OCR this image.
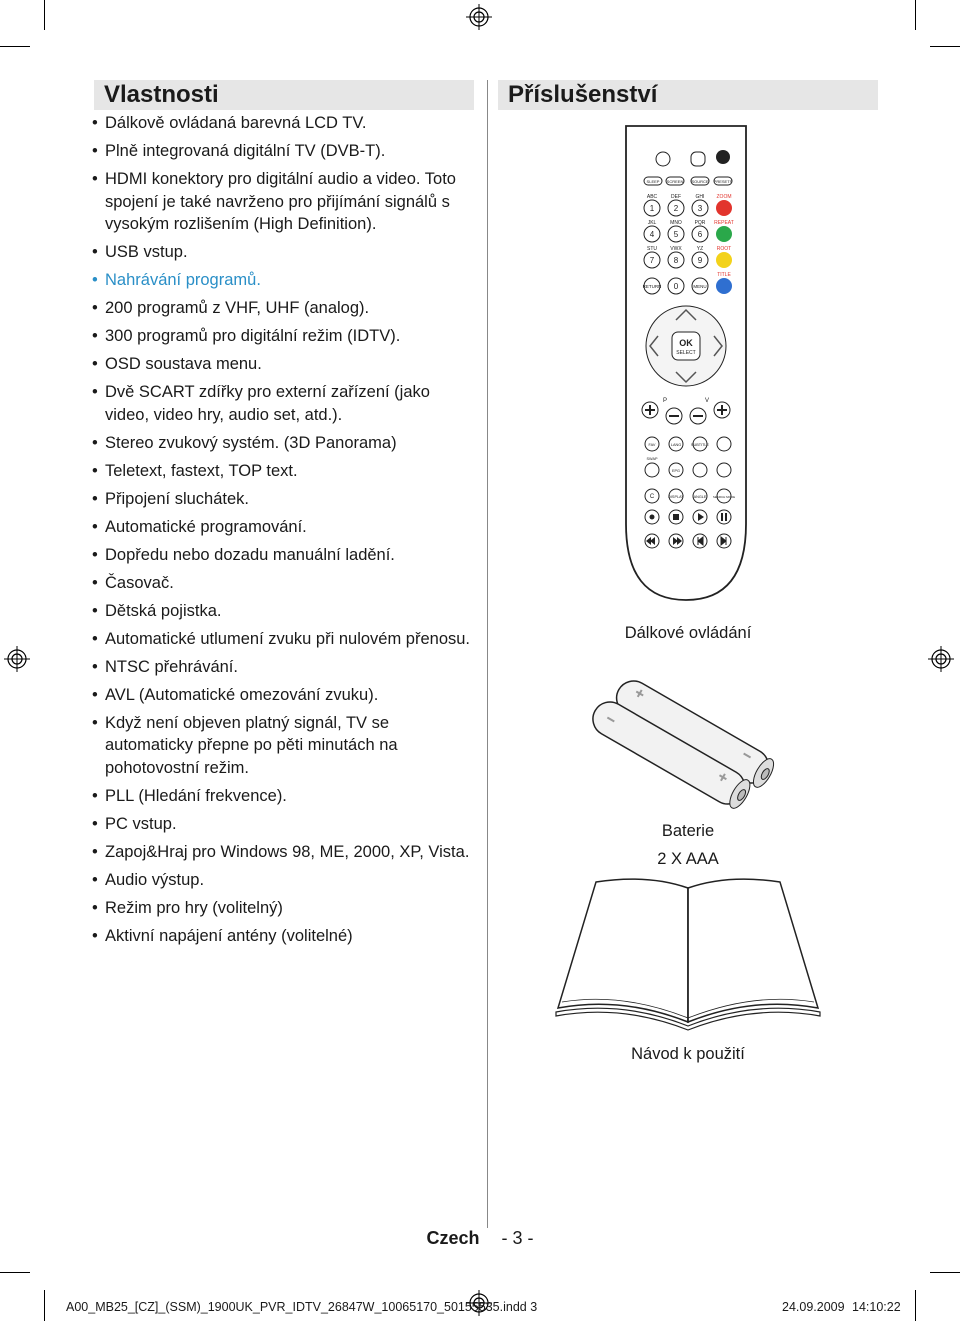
Vlastnosti
• Dálkově ovládaná barevná LCD TV.
• Plně integrovaná digitální TV (DVB-T).
• HDMI konektory pro digitální audio a video. Toto spojení je také navrženo pro přijímání signálů s vysokým rozlišením (High Definition).
• USB vstup.
• Nahrávání programů.
• 200 programů z VHF, UHF (analog).
• 300 programů pro digitální režim (IDTV).
• OSD soustava menu.
• Dvě SCART zdířky pro externí zařízení (jako video, video hry, audio set, atd.).
• Stereo zvukový systém. (3D Panorama)
• Teletext, fastext, TOP text.
• Připojení sluchátek.
• Automatické programování.
• Dopředu nebo dozadu manuální ladění.
• Časovač.
• Dětská pojistka.
• Automatické utlumení zvuku při nulovém přenosu.
• NTSC přehrávání.
• AVL (Automatické omezování zvuku).
• Když není objeven platný signál, TV se automaticky přepne po pěti minutách na pohotovostní režim.
• PLL (Hledání frekvence).
• PC vstup.
• Zapoj&Hraj pro Windows 98, ME, 2000, XP, Vista.
• Audio výstup.
• Režim pro hry (volitelný)
• Aktivní napájení antény (volitelné)
Příslušenství
SLEEP SCREEN SOURCE PRESETS
ABC	DEF	GHI ZOOM
JKL	MNO	PQR REPEAT
STU	VWX	YZ	ROOT
TITLE
1 2 3
4 5 6
7 8 9
0
RETURN	MENU
OK
SELECT
P	V
FAV	LANG	SUBTITLE
SWAP
EPG
C	DISPLAY	ANGLE SEARCH MODE
Dálkové ovládání
Baterie
2 X AAA
Návod k použití
Czech - 3 -
A00_MB25_[CZ]_(SSM)_1900UK_PVR_IDTV_26847W_10065170_50155535.indd 3	24.09.2009 14:10:22
